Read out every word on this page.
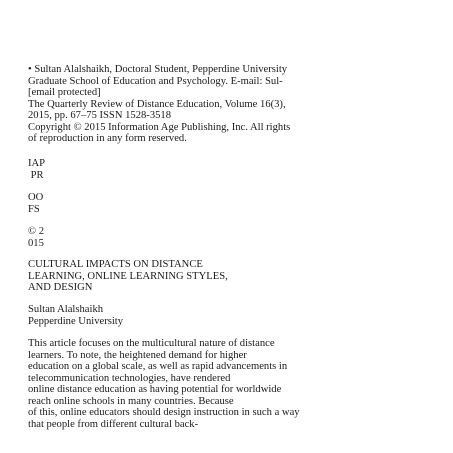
• Sultan Alalshaikh, Doctoral Student, Pepperdine University
Graduate School of Education and Psychology. E-mail: Sul-
[email protected]
The Quarterly Review of Distance Education, Volume 16(3),
2015, pp. 67–75 ISSN 1528-3518
Copyright © 2015 Information Age Publishing, Inc. All rights
of reproduction in any form reserved.
IAP
PR
OO
FS
© 2
015
CULTURAL IMPACTS ON DISTANCE
LEARNING, ONLINE LEARNING STYLES,
AND DESIGN
Sultan Alalshaikh
Pepperdine University
This article focuses on the multicultural nature of distance
learners. To note, the heightened demand for higher
education on a global scale, as well as rapid advancements in
telecommunication technologies, have rendered
online distance education as having potential for worldwide
reach online schools in many countries. Because
of this, online educators should design instruction in such a way
that people from different cultural back-
